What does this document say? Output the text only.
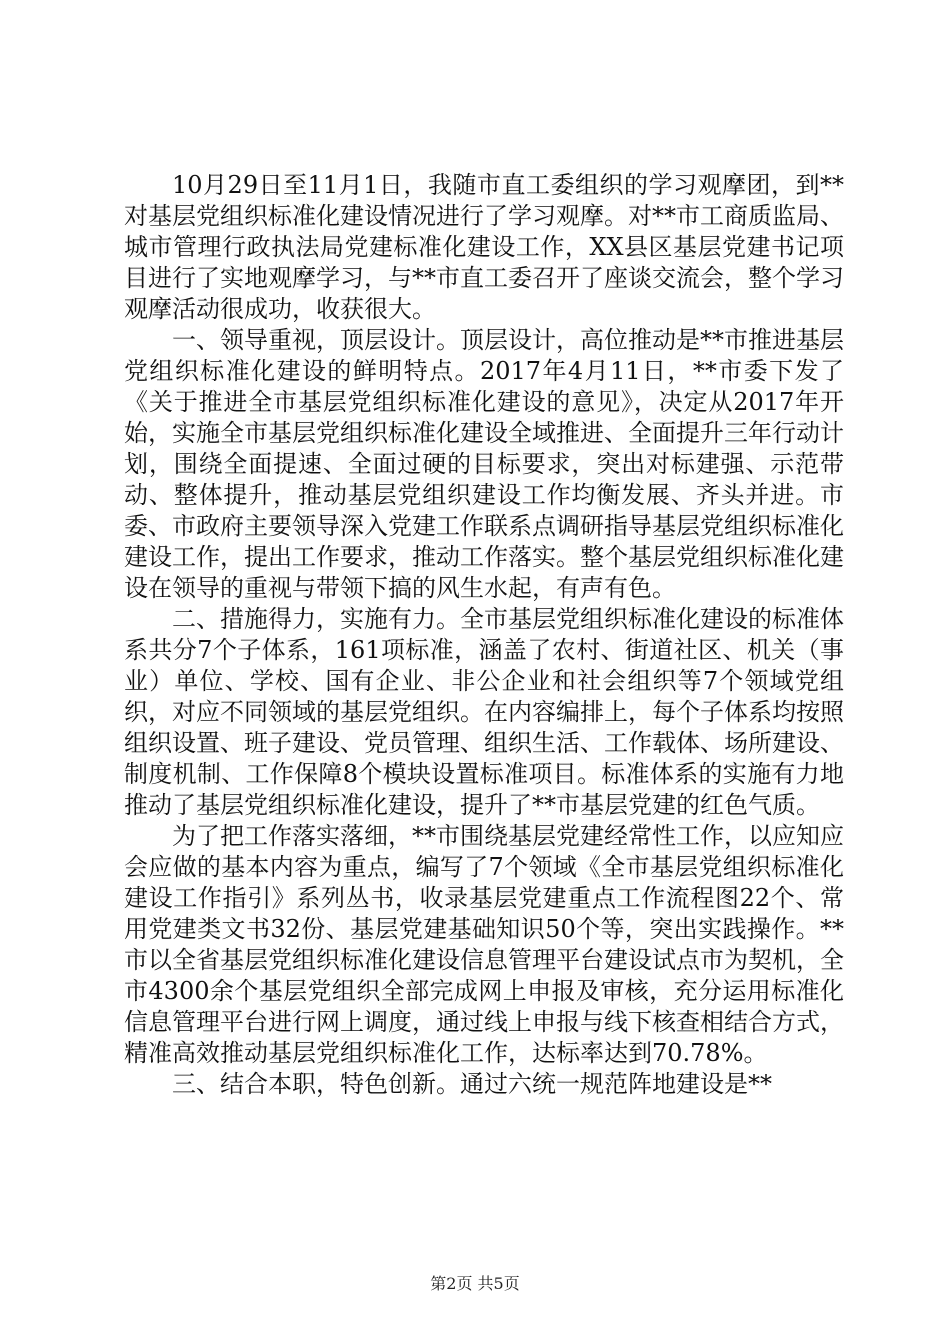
10月29日至11月1日，我随市直工委组织的学习观摩团，到**对基层党组织标准化建设情况进行了学习观摩。对**市工商质监局、城市管理行政执法局党建标准化建设工作，XX县区基层党建书记项目进行了实地观摩学习，与**市直工委召开了座谈交流会，整个学习观摩活动很成功，收获很大。

一、领导重视，顶层设计。顶层设计，高位推动是**市推进基层党组织标准化建设的鲜明特点。2017年4月11日，**市委下发了《关于推进全市基层党组织标准化建设的意见》，决定从2017年开始，实施全市基层党组织标准化建设全域推进、全面提升三年行动计划，围绕全面提速、全面过硬的目标要求，突出对标建强、示范带动、整体提升，推动基层党组织建设工作均衡发展、齐头并进。市委、市政府主要领导深入党建工作联系点调研指导基层党组织标准化建设工作，提出工作要求，推动工作落实。整个基层党组织标准化建设在领导的重视与带领下搞的风生水起，有声有色。

二、措施得力，实施有力。全市基层党组织标准化建设的标准体系共分7个子体系，161项标准，涵盖了农村、街道社区、机关（事业）单位、学校、国有企业、非公企业和社会组织等7个领域党组织，对应不同领域的基层党组织。在内容编排上，每个子体系均按照组织设置、班子建设、党员管理、组织生活、工作载体、场所建设、制度机制、工作保障8个模块设置标准项目。标准体系的实施有力地推动了基层党组织标准化建设，提升了**市基层党建的红色气质。

为了把工作落实落细，**市围绕基层党建经常性工作，以应知应会应做的基本内容为重点，编写了7个领域《全市基层党组织标准化建设工作指引》系列丛书，收录基层党建重点工作流程图22个、常用党建类文书32份、基层党建基础知识50个等，突出实践操作。**市以全省基层党组织标准化建设信息管理平台建设试点市为契机，全市4300余个基层党组织全部完成网上申报及审核，充分运用标准化信息管理平台进行网上调度，通过线上申报与线下核查相结合方式，精准高效推动基层党组织标准化工作，达标率达到70.78%。

三、结合本职，特色创新。通过六统一规范阵地建设是**

第2页 共5页
